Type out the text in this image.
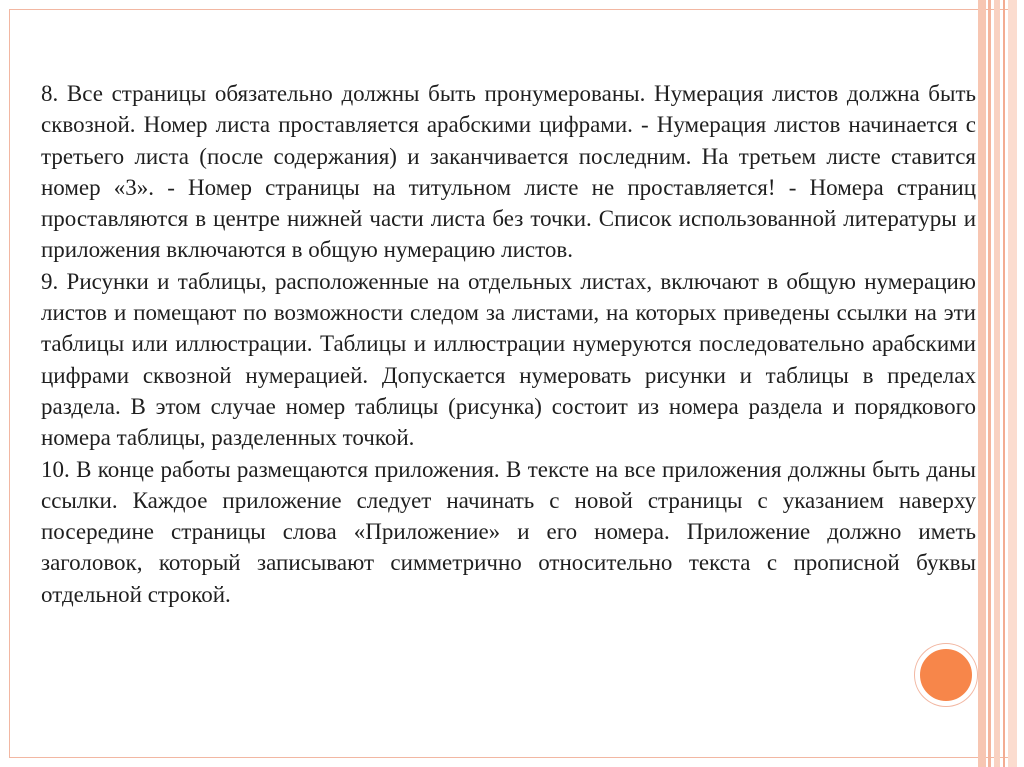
8. Все страницы обязательно должны быть пронумерованы. Нумерация листов должна быть сквозной. Номер листа проставляется арабскими цифрами. - Нумерация листов начинается с третьего листа (после содержания) и заканчивается последним. На третьем листе ставится номер «3». - Номер страницы на титульном листе не проставляется! - Номера страниц проставляются в центре нижней части листа без точки. Список использованной литературы и приложения включаются в общую нумерацию листов.

9. Рисунки и таблицы, расположенные на отдельных листах, включают в общую нумерацию листов и помещают по возможности следом за листами, на которых приведены ссылки на эти таблицы или иллюстрации. Таблицы и иллюстрации нумеруются последовательно арабскими цифрами сквозной нумерацией. Допускается нумеровать рисунки и таблицы в пределах раздела. В этом случае номер таблицы (рисунка) состоит из номера раздела и порядкового номера таблицы, разделенных точкой.

10. В конце работы размещаются приложения. В тексте на все приложения должны быть даны ссылки. Каждое приложение следует начинать с новой страницы с указанием наверху посередине страницы слова «Приложение» и его номера. Приложение должно иметь заголовок, который записывают симметрично относительно текста с прописной буквы отдельной строкой.
